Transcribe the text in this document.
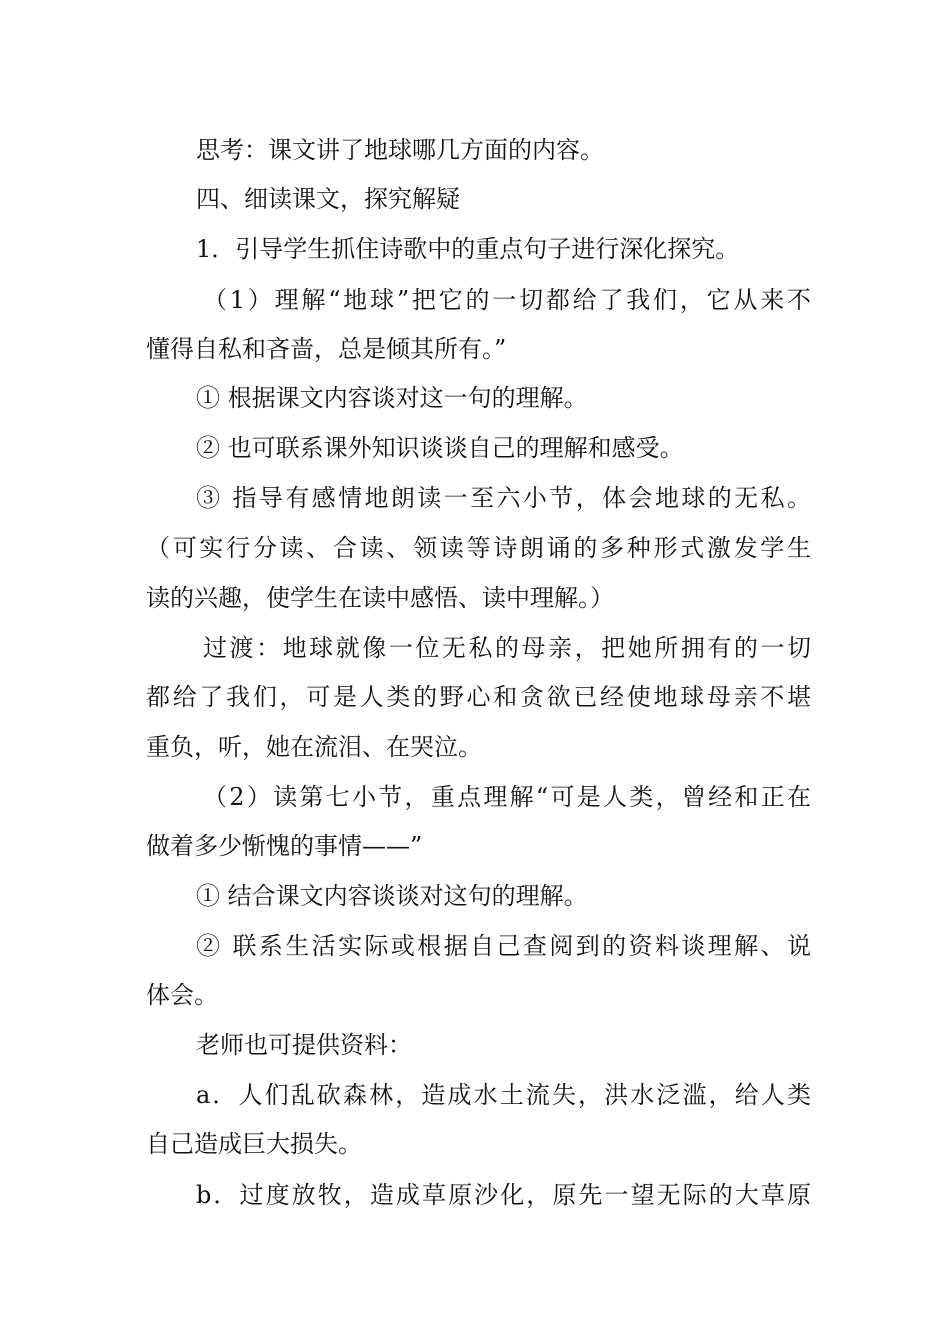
思考：课文讲了地球哪几方面的内容。
四、细读课文，探究解疑
1．引导学生抓住诗歌中的重点句子进行深化探究。
（1）理解“地球”把它的一切都给了我们，它从来不
懂得自私和吝啬，总是倾其所有。”
① 根据课文内容谈对这一句的理解。
② 也可联系课外知识谈谈自己的理解和感受。
③ 指导有感情地朗读一至六小节，体会地球的无私。
（可实行分读、合读、领读等诗朗诵的多种形式激发学生
读的兴趣，使学生在读中感悟、读中理解。）
过渡：地球就像一位无私的母亲，把她所拥有的一切
都给了我们，可是人类的野心和贪欲已经使地球母亲不堪
重负，听，她在流泪、在哭泣。
（2）读第七小节，重点理解“可是人类，曾经和正在
做着多少惭愧的事情——”
① 结合课文内容谈谈对这句的理解。
② 联系生活实际或根据自己查阅到的资料谈理解、说
体会。
老师也可提供资料：
a．人们乱砍森林，造成水土流失，洪水泛滥，给人类
自己造成巨大损失。
b．过度放牧，造成草原沙化，原先一望无际的大草原
